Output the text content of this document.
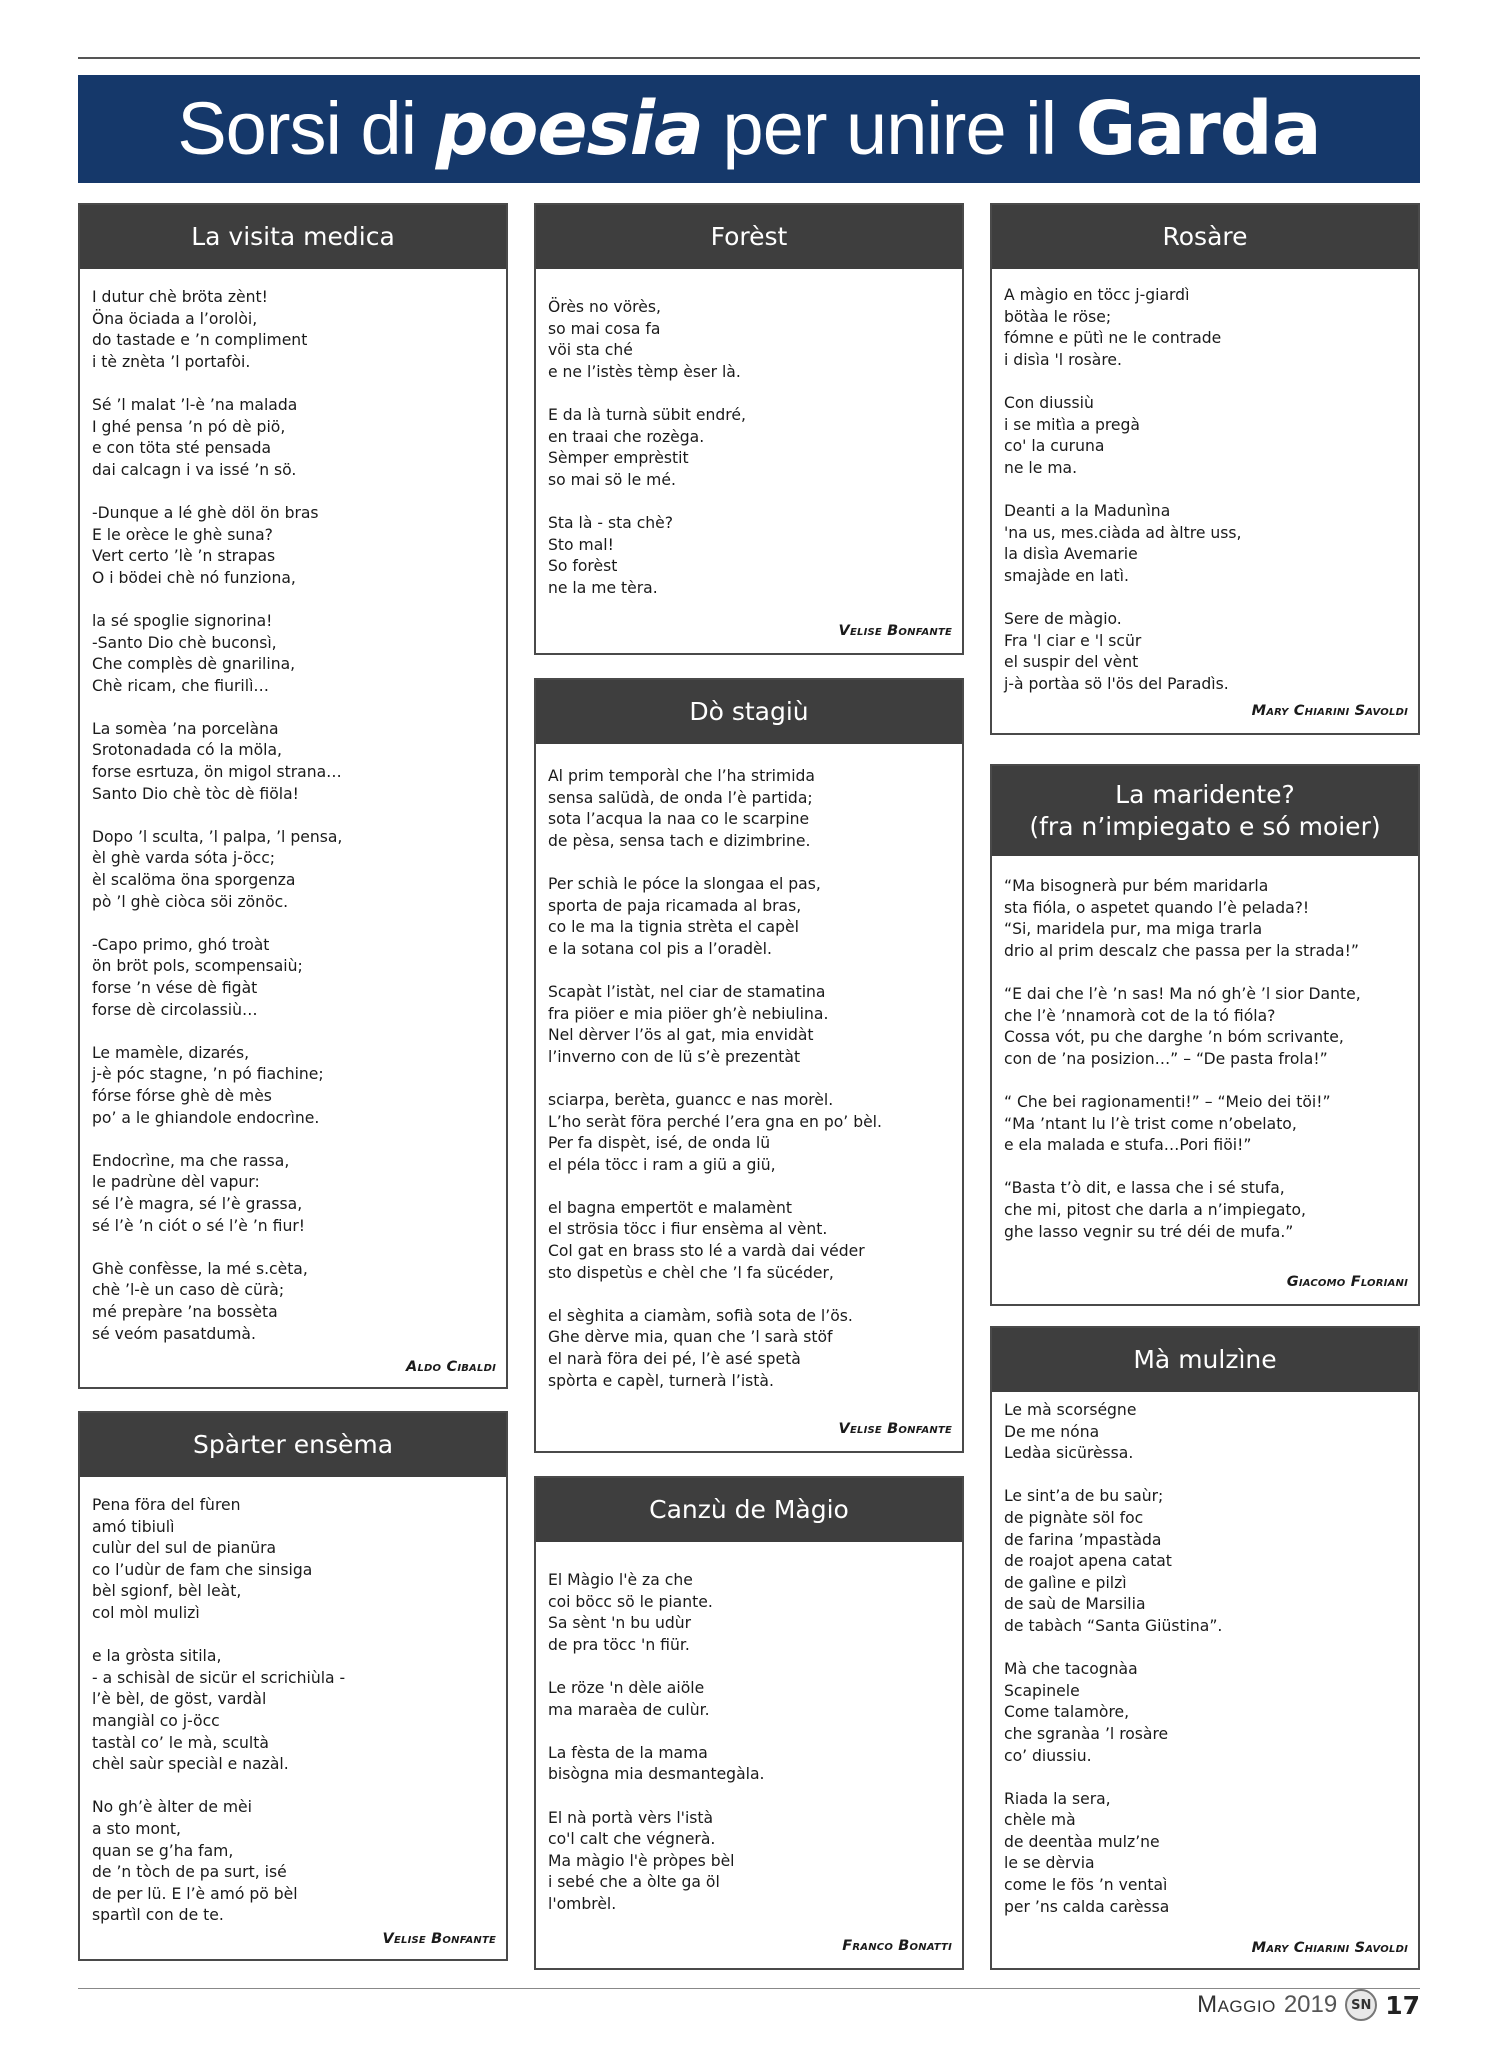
Sorsi di poesia per unire il Garda
La visita medica
I dutur chè bröta zènt!
Öna öciada a l’orolòi,
do tastade e ’n compliment
i tè znèta ’l portafòi.
Sé ’l malat ’l-è ’na malada
I ghé pensa ’n pó dè piö,
e con töta sté pensada
dai calcagn i va issé ’n sö.
-Dunque a lé ghè döl ön bras
E le orèce le ghè suna?
Vert certo ’lè ’n strapas
O i bödei chè nó funziona,
la sé spoglie signorina!
-Santo Dio chè buconsì,
Che complès dè gnarilina,
Chè ricam, che fiurilì…
La somèa ’na porcelàna
Srotonadada có la möla,
forse esrtuza, ön migol strana…
Santo Dio chè tòc dè fiöla!
Dopo ’l sculta, ’l palpa, ’l pensa,
èl ghè varda sóta j-öcc;
èl scalöma öna sporgenza
pò ’l ghè ciòca söi zönöc.
-Capo primo, ghó troàt
ön bröt pols, scompensaiù;
forse ’n vése dè figàt
forse dè circolassiù…
Le mamèle, dizarés,
j-è póc stagne, ’n pó fiachine;
fórse fórse ghè dè mès
po’ a le ghiandole endocrìne.
Endocrìne, ma che rassa,
le padrùne dèl vapur:
sé l’è magra, sé l’è grassa,
sé l’è ’n ciót o sé l’è ’n fiur!
Ghè confèsse, la mé s.cèta,
chè ’l-è un caso dè cürà;
mé prepàre ’na bossèta
sé veóm pasatdumà.
Aldo Cibaldi
Spàrter ensèma
Pena föra del fùren
amó tibiulì
culùr del sul de pianüra
co l’udùr de fam che sinsiga
bèl sgionf, bèl leàt,
col mòl mulizì
e la gròsta sitila,
- a schisàl de sicür el scrichiùla -
l’è bèl, de göst, vardàl
mangiàl co j-öcc
tastàl co’ le mà, scultà
chèl saùr speciàl e nazàl.
No gh’è àlter de mèi
a sto mont,
quan se g’ha fam,
de ’n tòch de pa surt, isé
de per lü. E l’è amó pö bèl
spartìl con de te.
Velise Bonfante
Forèst
Örès no vörès,
so mai cosa fa
vöi sta ché
e ne l’istès tèmp èser là.
E da là turnà sübit endré,
en traai che rozèga.
Sèmper emprèstit
so mai sö le mé.
Sta là - sta chè?
Sto mal!
So forèst
ne la me tèra.
Velise Bonfante
Dò stagiù
Al prim temporàl che l’ha strimida
sensa salüdà, de onda l’è partida;
sota l’acqua la naa co le scarpine
de pèsa, sensa tach e dizimbrine.
Per schià le póce la slongaa el pas,
sporta de paja ricamada al bras,
co le ma la tignia strèta el capèl
e la sotana col pis a l’oradèl.
Scapàt l’istàt, nel ciar de stamatina
fra piöer e mia piöer gh’è nebiulina.
Nel dèrver l’ös al gat, mia envidàt
l’inverno con de lü s’è prezentàt
sciarpa, berèta, guancc e nas morèl.
L’ho seràt föra perché l’era gna en po’ bèl.
Per fa dispèt, isé, de onda lü
el péla töcc i ram a giü a giü,
el bagna empertöt e malamènt
el strösia töcc i fiur ensèma al vènt.
Col gat en brass sto lé a vardà dai véder
sto dispetùs e chèl che ’l fa sücéder,
el sèghita a ciamàm, sofià sota de l’ös.
Ghe dèrve mia, quan che ’l sarà stöf
el narà föra dei pé, l’è asé spetà
spòrta e capèl, turnerà l’istà.
Velise Bonfante
Canzù de Màgio
El Màgio l'è za che
coi böcc sö le piante.
Sa sènt 'n bu udùr
de pra töcc 'n fiür.
Le röze 'n dèle aiöle
ma maraèa de culùr.
La fèsta de la mama
bisògna mia desmantegàla.
El nà portà vèrs l'istà
co'l calt che végnerà.
Ma màgio l'è pròpes bèl
i sebé che a òlte ga öl
l'ombrèl.
Franco Bonatti
Rosàre
A màgio en töcc j-giardì
bötàa le röse;
fómne e pütì ne le contrade
i disìa 'l rosàre.
Con diussiù
i se mitìa a pregà
co' la curuna
ne le ma.
Deanti a la Madunìna
'na us, mes.ciàda ad àltre uss,
la disìa Avemarie
smajàde en latì.
Sere de màgio.
Fra 'l ciar e 'l scür
el suspir del vènt
j-à portàa sö l'ös del Paradìs.
Mary Chiarini Savoldi
La maridente?
(fra n’impiegato e só moier)
“Ma bisognerà pur bém maridarla
sta fióla, o aspetet quando l’è pelada?!
“Si, maridela pur, ma miga trarla
drio al prim descalz che passa per la strada!”
“E dai che l’è ’n sas! Ma nó gh’è ’l sior Dante,
che l’è ’nnamorà cot de la tó fióla?
Cossa vót, pu che darghe ’n bóm scrivante,
con de ’na posizion…” – “De pasta frola!”
“ Che bei ragionamenti!” – “Meio dei töi!”
“Ma ’ntant lu l’è trist come n’obelato,
e ela malada e stufa…Pori fiöi!”
“Basta t’ò dit, e lassa che i sé stufa,
che mi, pitost che darla a n’impiegato,
ghe lasso vegnir su tré déi de mufa.”
Giacomo Floriani
Mà mulzìne
Le mà scorségne
De me nóna
Ledàa sicürèssa.
Le sint’a de bu saùr;
de pignàte söl foc
de farina ’mpastàda
de roajot apena catat
de galìne e pilzì
de saù de Marsilia
de tabàch “Santa Giüstina”.
Mà che tacognàa
Scapinele
Come talamòre,
che sgranàa ’l rosàre
co’ diussiu.
Riada la sera,
chèle mà
de deentàa mulz’ne
le se dèrvia
come le fös ’n ventaì
per ’ns calda carèssa
Mary Chiarini Savoldi
Maggio 2019	SN 17
